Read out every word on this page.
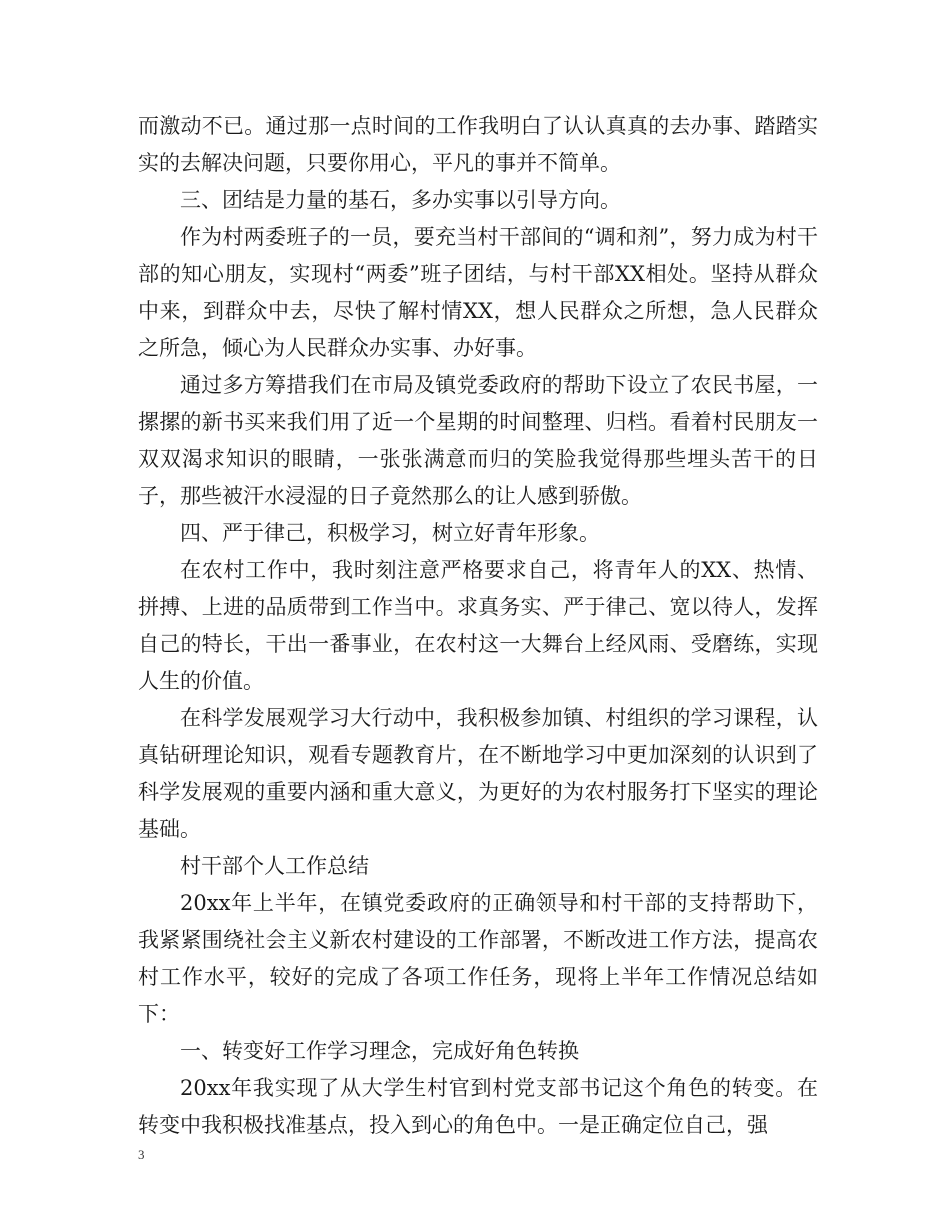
而激动不已。通过那一点时间的工作我明白了认认真真的去办事、踏踏实实的去解决问题，只要你用心，平凡的事并不简单。

三、团结是力量的基石，多办实事以引导方向。

作为村两委班子的一员，要充当村干部间的“调和剂”，努力成为村干部的知心朋友，实现村“两委”班子团结，与村干部XX相处。坚持从群众中来，到群众中去，尽快了解村情XX，想人民群众之所想，急人民群众之所急，倾心为人民群众办实事、办好事。

通过多方筹措我们在市局及镇党委政府的帮助下设立了农民书屋，一摞摞的新书买来我们用了近一个星期的时间整理、归档。看着村民朋友一双双渴求知识的眼睛，一张张满意而归的笑脸我觉得那些埋头苦干的日子，那些被汗水浸湿的日子竟然那么的让人感到骄傲。

四、严于律己，积极学习，树立好青年形象。

在农村工作中，我时刻注意严格要求自己，将青年人的XX、热情、拼搏、上进的品质带到工作当中。求真务实、严于律己、宽以待人，发挥自己的特长，干出一番事业，在农村这一大舞台上经风雨、受磨练，实现人生的价值。

在科学发展观学习大行动中，我积极参加镇、村组织的学习课程，认真钻研理论知识，观看专题教育片，在不断地学习中更加深刻的认识到了科学发展观的重要内涵和重大意义，为更好的为农村服务打下坚实的理论基础。

村干部个人工作总结

20xx年上半年，在镇党委政府的正确领导和村干部的支持帮助下，我紧紧围绕社会主义新农村建设的工作部署，不断改进工作方法，提高农村工作水平，较好的完成了各项工作任务，现将上半年工作情况总结如下：

一、转变好工作学习理念，完成好角色转换

20xx年我实现了从大学生村官到村党支部书记这个角色的转变。在转变中我积极找准基点，投入到心的角色中。一是正确定位自己，强

3
